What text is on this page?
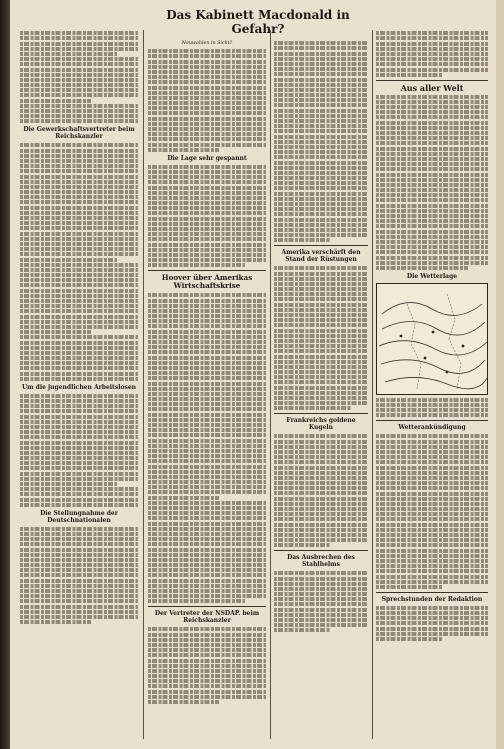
Das Kabinett Macdonald in Gefahr?
Die Gewerkschaftsvertreter beim Reichskanzler
Um die jugendlichen Arbeitslosen
Die Stellungnahme der Deutschnationalen
Neuwahlen in Sicht?
Die Lage sehr gespannt
Hoover über Amerikas Wirtschaftskrise
Der Vertreter der NSDAP. beim Reichskanzler
Amerika verschärft den Stand der Rüstungen
Frankreichs goldene Kugeln
Das Ausbrechen des Stahlhelms
Aus aller Welt
Die Wetterlage
Wetterankündigung
Sprechstunden der Redaktion
